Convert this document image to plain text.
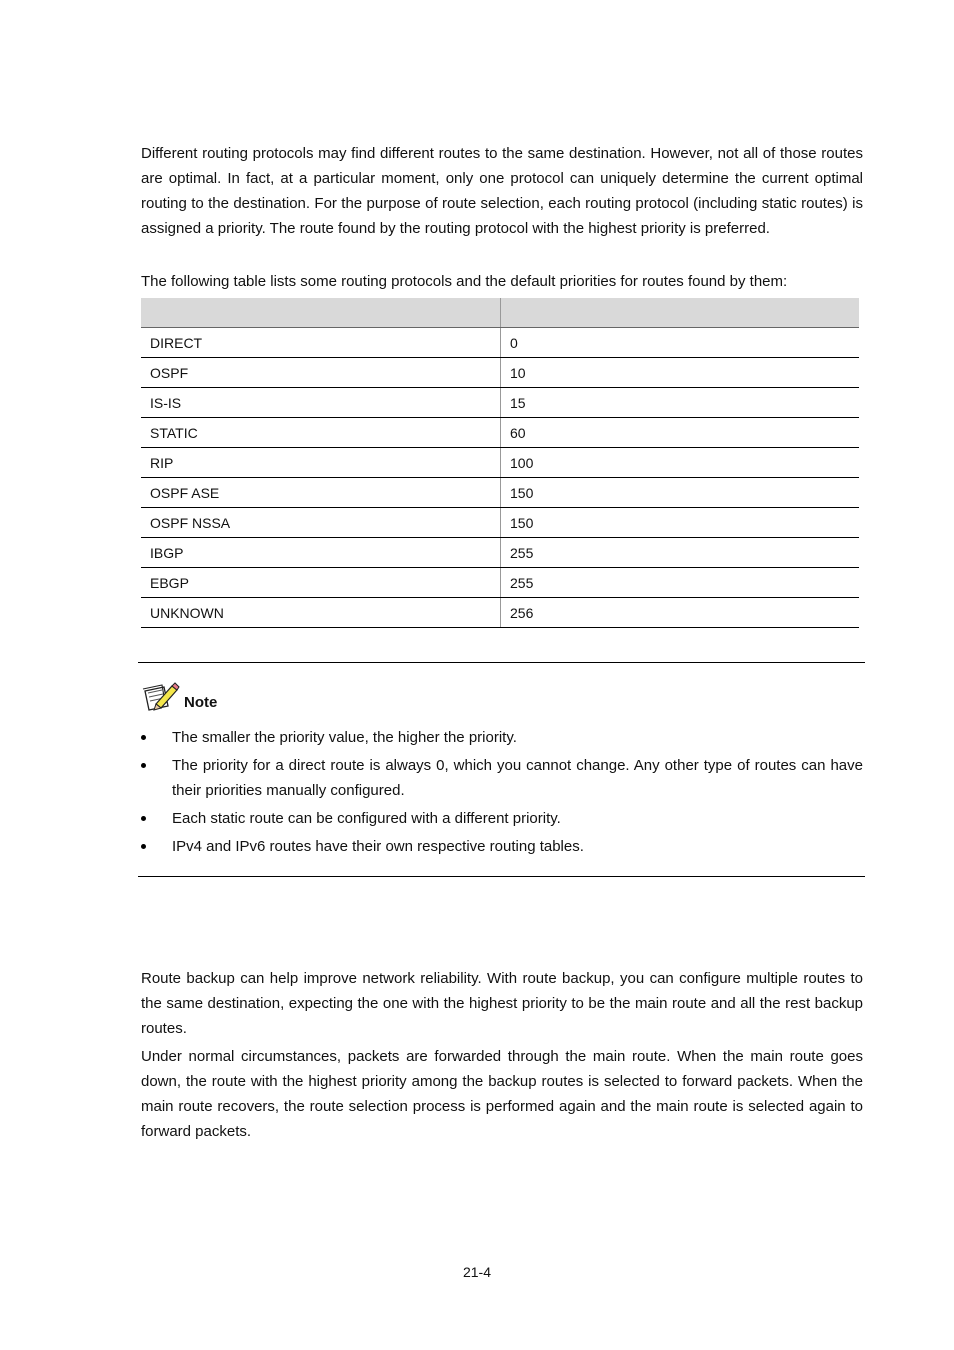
Different routing protocols may find different routes to the same destination. However, not all of those routes are optimal. In fact, at a particular moment, only one protocol can uniquely determine the current optimal routing to the destination. For the purpose of route selection, each routing protocol (including static routes) is assigned a priority. The route found by the routing protocol with the highest priority is preferred.

The following table lists some routing protocols and the default priorities for routes found by them:

DIRECT	0
OSPF	10
IS-IS	15
STATIC	60
RIP	100
OSPF ASE	150
OSPF NSSA	150
IBGP	255
EBGP	255
UNKNOWN	256
Note
The smaller the priority value, the higher the priority.
The priority for a direct route is always 0, which you cannot change. Any other type of routes can have their priorities manually configured.
Each static route can be configured with a different priority.
IPv4 and IPv6 routes have their own respective routing tables.

Route backup can help improve network reliability. With route backup, you can configure multiple routes to the same destination, expecting the one with the highest priority to be the main route and all the rest backup routes.

Under normal circumstances, packets are forwarded through the main route. When the main route goes down, the route with the highest priority among the backup routes is selected to forward packets. When the main route recovers, the route selection process is performed again and the main route is selected again to forward packets.

21-4
